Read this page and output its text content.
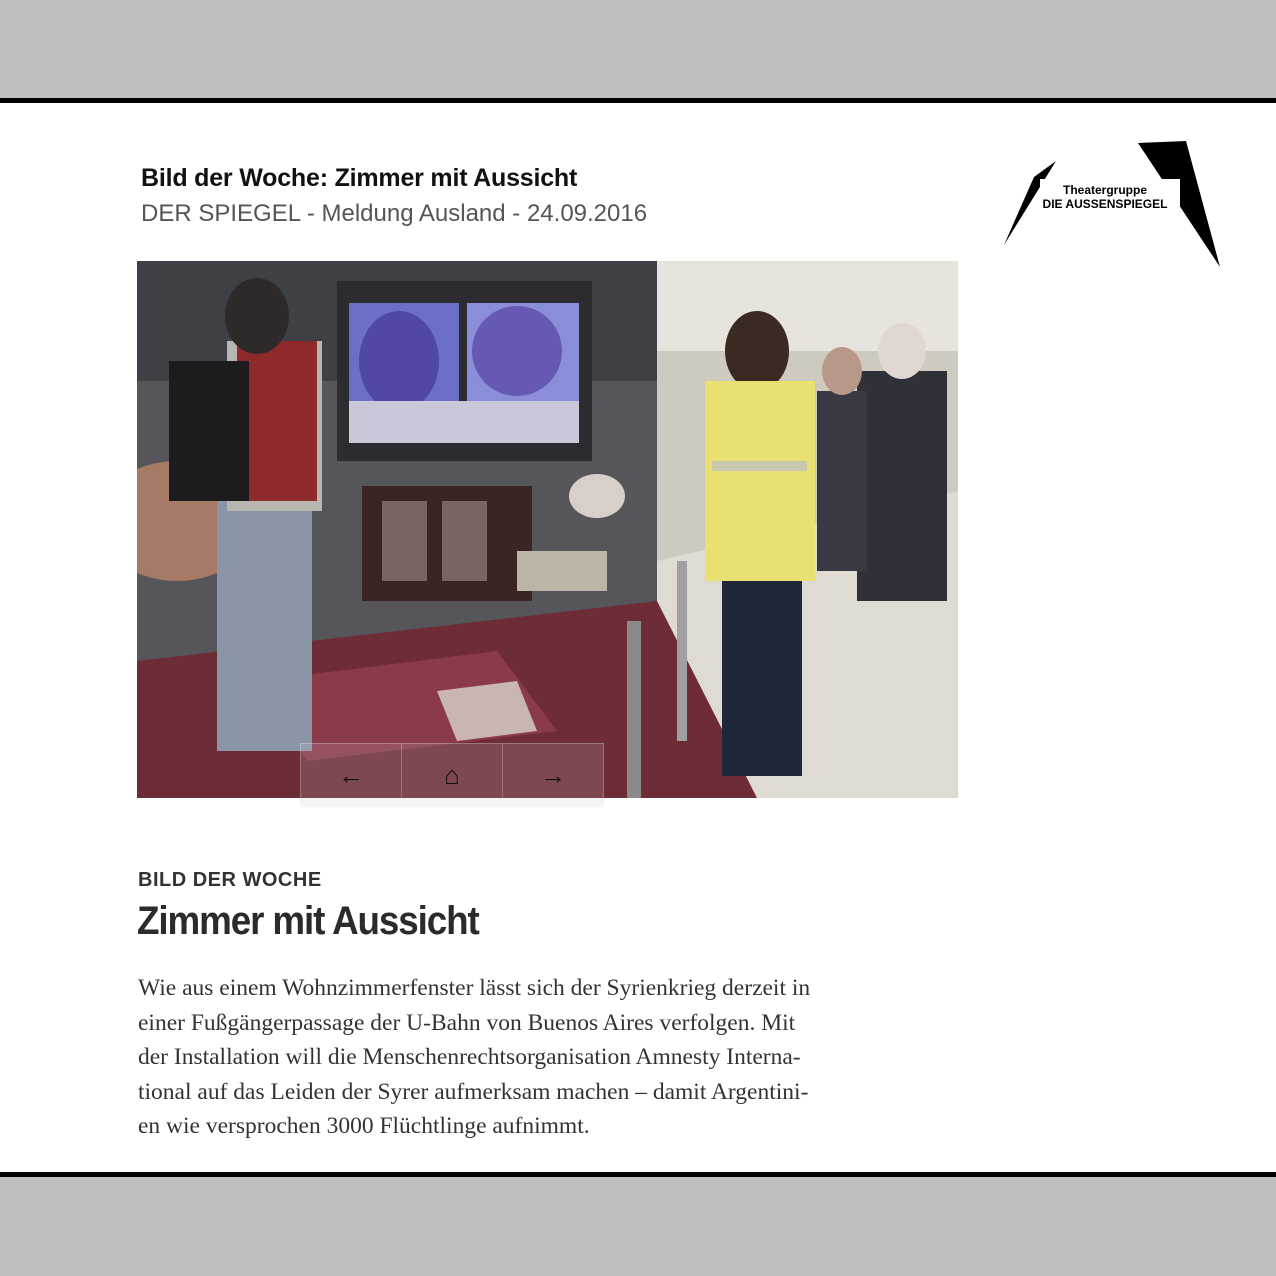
Bild der Woche: Zimmer mit Aussicht
DER SPIEGEL - Meldung Ausland - 24.09.2016
Theatergruppe
DIE AUSSENSPIEGEL
←	⌂	→
BILD DER WOCHE
Zimmer mit Aussicht
Wie aus einem Wohnzimmerfenster lässt sich der Syrienkrieg derzeit in
einer Fußgängerpassage der U-Bahn von Buenos Aires verfolgen. Mit
der Installation will die Menschenrechtsorganisation Amnesty Interna-
tional auf das Leiden der Syrer aufmerksam machen – damit Argentini-
en wie versprochen 3000 Flüchtlinge aufnimmt.
